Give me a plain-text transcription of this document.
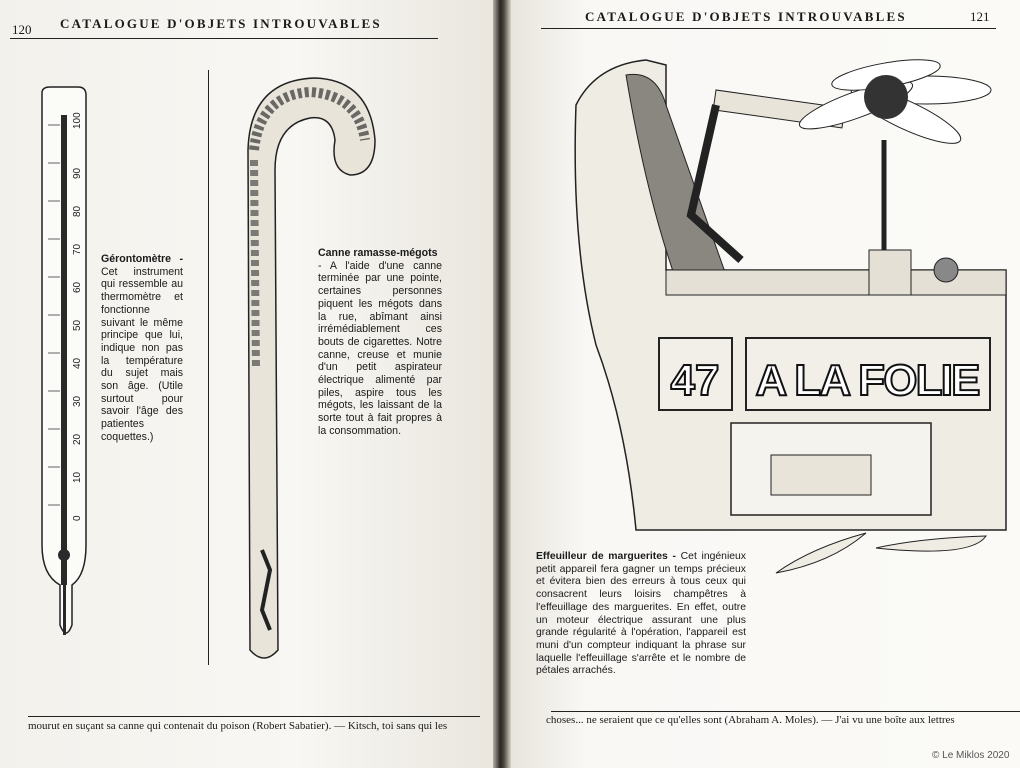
120 CATALOGUE D'OBJETS INTROUVABLES
100
90
80
70
60
50
40
30
20
10
0
Gérontomètre - Cet instrument qui ressemble au thermomètre et fonctionne suivant le même principe que lui, indique non pas la température du sujet mais son âge. (Utile surtout pour savoir l'âge des patientes coquettes.)
Canne ramasse-mégots
- A l'aide d'une canne terminée par une pointe, certaines personnes piquent les mégots dans la rue, abîmant ainsi irrémédiablement ces bouts de cigarettes. Notre canne, creuse et munie d'un petit aspirateur électrique alimenté par piles, aspire tous les mégots, les laissant de la sorte tout à fait propres à la consommation.
mourut en suçant sa canne qui contenait du poison (Robert Sabatier). — Kitsch, toi sans qui les
CATALOGUE D'OBJETS INTROUVABLES	121
47 A LA FOLIE
Effeuilleur de marguerites - Cet ingénieux petit appareil fera gagner un temps précieux et évitera bien des erreurs à tous ceux qui consacrent leurs loisirs champêtres à l'effeuillage des marguerites. En effet, outre un moteur électrique assurant une plus grande régularité à l'opération, l'appareil est muni d'un compteur indiquant la phrase sur laquelle l'effeuillage s'arrête et le nombre de pétales arrachés.
choses... ne seraient que ce qu'elles sont (Abraham A. Moles). — J'ai vu une boîte aux lettres
© Le Miklos 2020
